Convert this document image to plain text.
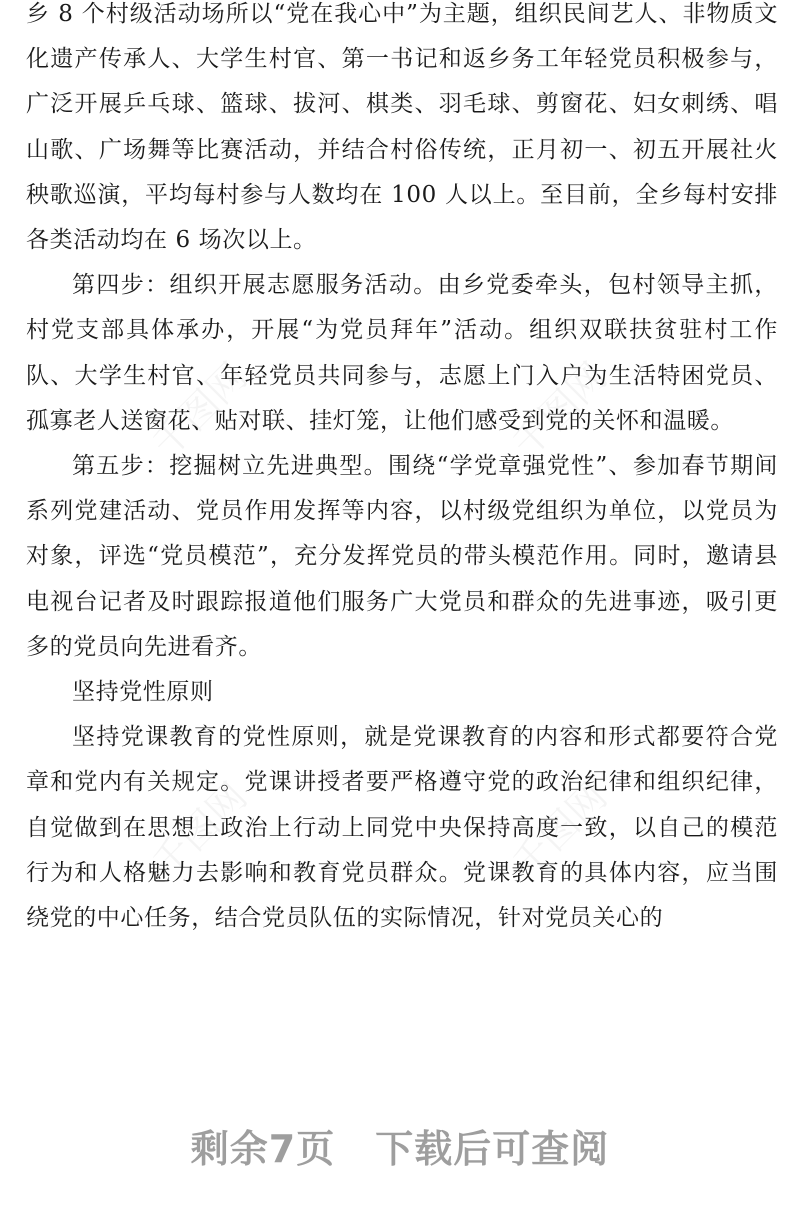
乡 8 个村级活动场所以“党在我心中”为主题，组织民间艺人、非物质文化遗产传承人、大学生村官、第一书记和返乡务工年轻党员积极参与，广泛开展乒乓球、篮球、拔河、棋类、羽毛球、剪窗花、妇女刺绣、唱山歌、广场舞等比赛活动，并结合村俗传统，正月初一、初五开展社火秧歌巡演，平均每村参与人数均在 100 人以上。至目前，全乡每村安排各类活动均在 6 场次以上。

第四步：组织开展志愿服务活动。由乡党委牵头，包村领导主抓，村党支部具体承办，开展“为党员拜年”活动。组织双联扶贫驻村工作队、大学生村官、年轻党员共同参与，志愿上门入户为生活特困党员、孤寡老人送窗花、贴对联、挂灯笼，让他们感受到党的关怀和温暖。

第五步：挖掘树立先进典型。围绕“学党章强党性”、参加春节期间系列党建活动、党员作用发挥等内容，以村级党组织为单位，以党员为对象，评选“党员模范”，充分发挥党员的带头模范作用。同时，邀请县电视台记者及时跟踪报道他们服务广大党员和群众的先进事迹，吸引更多的党员向先进看齐。

坚持党性原则

坚持党课教育的党性原则，就是党课教育的内容和形式都要符合党章和党内有关规定。党课讲授者要严格遵守党的政治纪律和组织纪律，自觉做到在思想上政治上行动上同党中央保持高度一致，以自己的模范行为和人格魅力去影响和教育党员群众。党课教育的具体内容，应当围绕党的中心任务，结合党员队伍的实际情况，针对党员关心的

剩余7页 下载后可查阅
